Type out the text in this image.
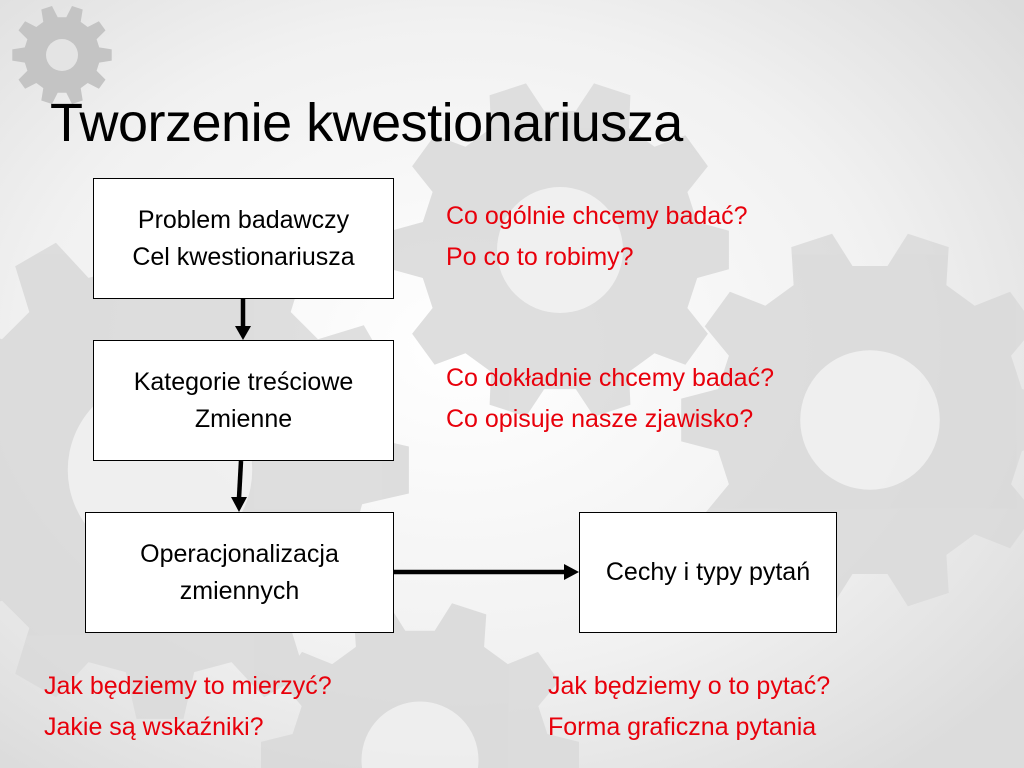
Tworzenie kwestionariusza
Problem badawczy
Cel kwestionariusza
Kategorie treściowe
Zmienne
Operacjonalizacja
zmiennych
Cechy i typy pytań
Co ogólnie chcemy badać?
Po co to robimy?
Co dokładnie chcemy badać?
Co opisuje nasze zjawisko?
Jak będziemy to mierzyć?
Jakie są wskaźniki?
Jak będziemy o to pytać?
Forma graficzna pytania
